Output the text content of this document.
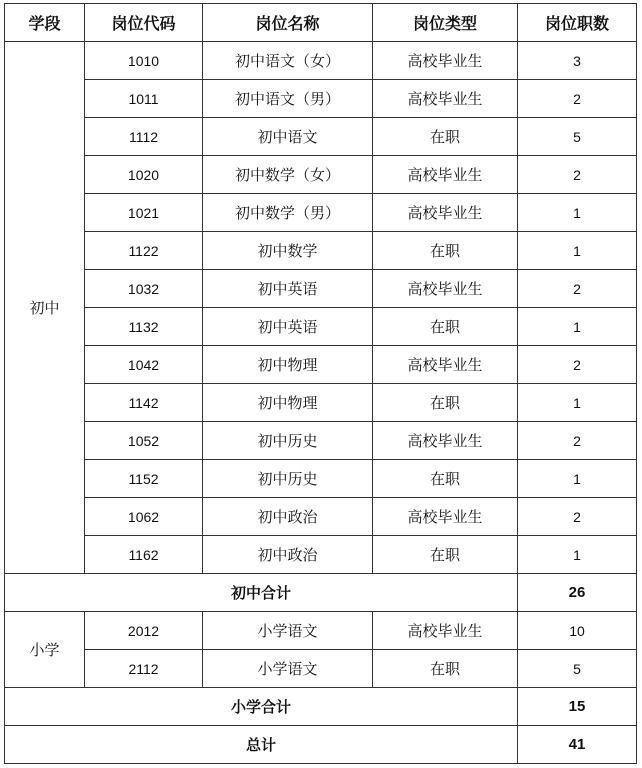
学段	岗位代码	岗位名称	岗位类型	岗位职数
初中	1010	初中语文（女）	高校毕业生	3
	1011	初中语文（男）	高校毕业生	2
	1112	初中语文	在职	5
	1020	初中数学（女）	高校毕业生	2
	1021	初中数学（男）	高校毕业生	1
	1122	初中数学	在职	1
	1032	初中英语	高校毕业生	2
	1132	初中英语	在职	1
	1042	初中物理	高校毕业生	2
	1142	初中物理	在职	1
	1052	初中历史	高校毕业生	2
	1152	初中历史	在职	1
	1062	初中政治	高校毕业生	2
	1162	初中政治	在职	1
初中合计				26
小学	2012	小学语文	高校毕业生	10
	2112	小学语文	在职	5
小学合计				15
总计				41
